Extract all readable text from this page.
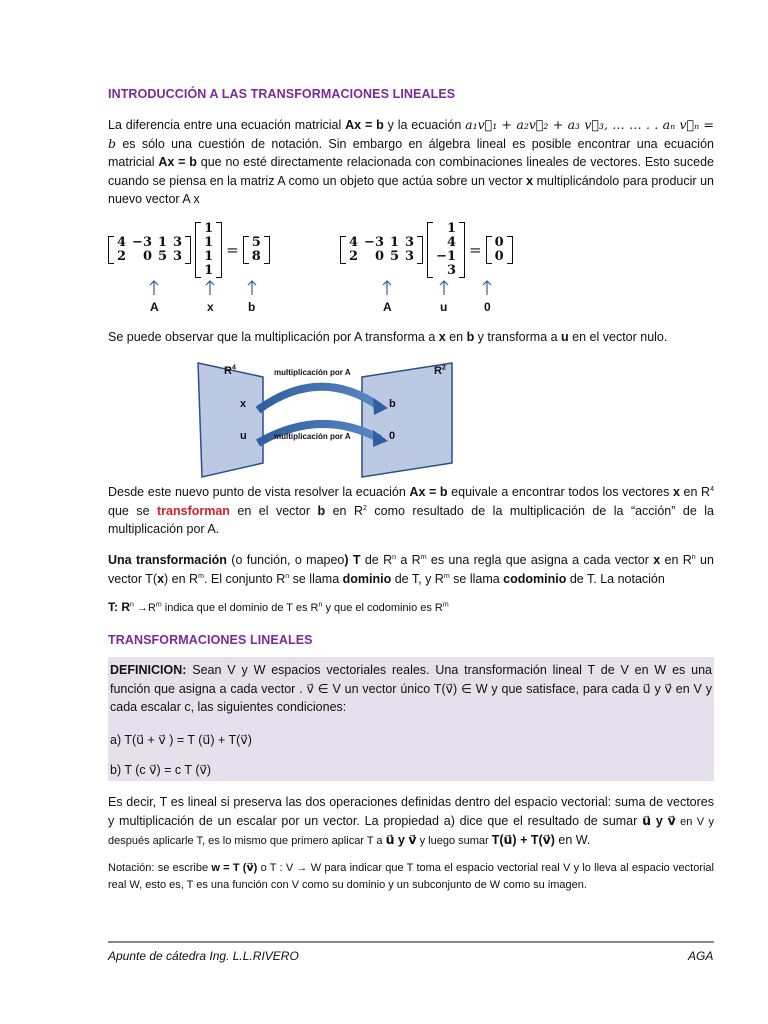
INTRODUCCIÓN A LAS TRANSFORMACIONES LINEALES
La diferencia entre una ecuación matricial Ax = b y la ecuación a₁v⃗₁ + a₂v⃗₂ + a₃ v⃗₃, … … . . aₙ v⃗ₙ = b es sólo una cuestión de notación. Sin embargo en álgebra lineal es posible encontrar una ecuación matricial Ax = b que no esté directamente relacionada con combinaciones lineales de vectores. Esto sucede cuando se piensa en la matriz A como un objeto que actúa sobre un vector x multiplicándolo para producir un nuevo vector A x
4	−3	1	3
2	0	5	3
1
1
1
1
= 5
8
4	−3	1	3
2	0	5	3
1
4
−1
3
= 0
0
A	x	b	A	u	0
Se puede observar que la multiplicación por A transforma a x en b y transforma a u en el vector nulo.
$R^4$	$R^2$
multiplicación por A
multiplicación por A
x
u
b
0
Desde este nuevo punto de vista resolver la ecuación Ax = b equivale a encontrar todos los vectores x en $R^4$ que se transforman en el vector b en $R^2$ como resultado de la multiplicación de la “acción” de la multiplicación por A.
Una transformación (o función, o mapeo) T de $R^n$ a $R^m$ es una regla que asigna a cada vector x en $R^n$ un vector T(x) en $R^m$. El conjunto $R^n$ se llama dominio de T, y $R^m$ se llama codominio de T. La notación
T: $R^n \to R^m$ indica que el dominio de T es $R^n$ y que el codominio es $R^m$
TRANSFORMACIONES LINEALES
DEFINICION: Sean V y W espacios vectoriales reales. Una transformación lineal T de V en W es una función que asigna a cada vector . v⃗ ∈ V un vector único T(v⃗) ∈ W y que satisface, para cada u⃗ y v⃗ en V y cada escalar c, las siguientes condiciones:
a) T(u⃗ + v⃗ ) = T (u⃗) + T(v⃗)
b) T (c v⃗) = c T (v⃗)
Es decir, T es lineal si preserva las dos operaciones definidas dentro del espacio vectorial: suma de vectores y multiplicación de un escalar por un vector. La propiedad a) dice que el resultado de sumar u⃗ y v⃗ en V y después aplicarle T, es lo mismo que primero aplicar T a u⃗ y v⃗ y luego sumar T(u⃗) + T(v⃗) en W.
Notación: se escribe w = T (v⃗) o T : V → W para indicar que T toma el espacio vectorial real V y lo lleva al espacio vectorial real W, esto es, T es una función con V como su dominio y un subconjunto de W como su imagen.
Apunte de cátedra Ing. L.L.RIVERO	AGA
